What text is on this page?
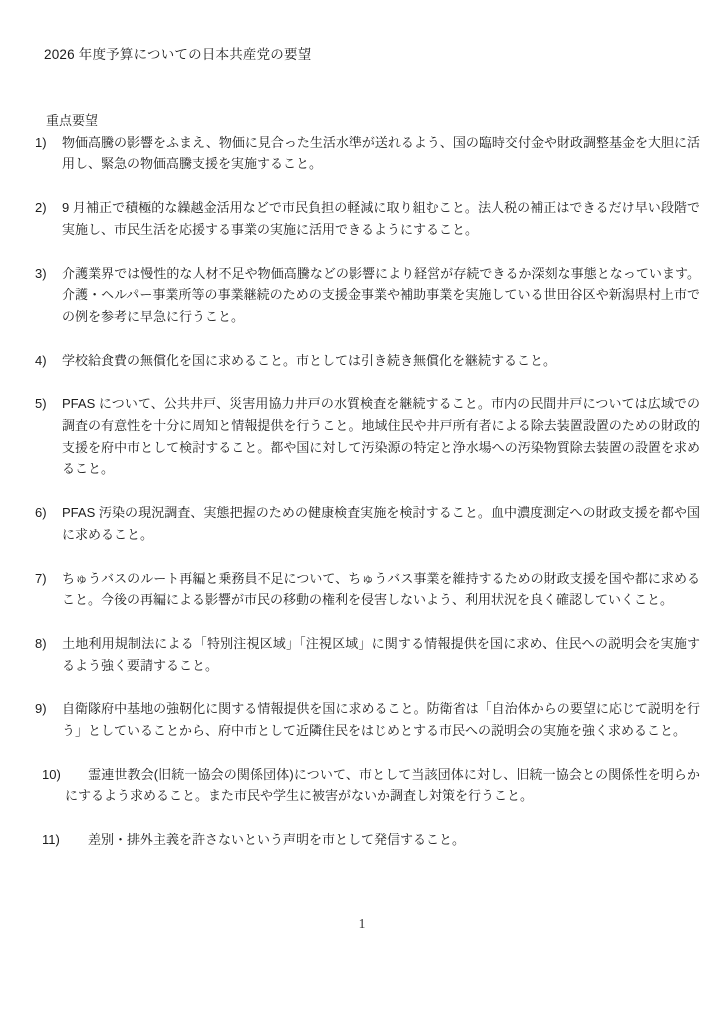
2026 年度予算についての日本共産党の要望
重点要望
1) 物価高騰の影響をふまえ、物価に見合った生活水準が送れるよう、国の臨時交付金や財政調整基金を大胆に活用し、緊急の物価高騰支援を実施すること。
2) 9 月補正で積極的な繰越金活用などで市民負担の軽減に取り組むこと。法人税の補正はできるだけ早い段階で実施し、市民生活を応援する事業の実施に活用できるようにすること。
3) 介護業界では慢性的な人材不足や物価高騰などの影響により経営が存続できるか深刻な事態となっています。介護・ヘルパー事業所等の事業継続のための支援金事業や補助事業を実施している世田谷区や新潟県村上市での例を参考に早急に行うこと。
4) 学校給食費の無償化を国に求めること。市としては引き続き無償化を継続すること。
5) PFAS について、公共井戸、災害用協力井戸の水質検査を継続すること。市内の民間井戸については広域での調査の有意性を十分に周知と情報提供を行うこと。地域住民や井戸所有者による除去装置設置のための財政的支援を府中市として検討すること。都や国に対して汚染源の特定と浄水場への汚染物質除去装置の設置を求めること。
6) PFAS 汚染の現況調査、実態把握のための健康検査実施を検討すること。血中濃度測定への財政支援を都や国に求めること。
7) ちゅうバスのルート再編と乗務員不足について、ちゅうバス事業を維持するための財政支援を国や都に求めること。今後の再編による影響が市民の移動の権利を侵害しないよう、利用状況を良く確認していくこと。
8) 土地利用規制法による「特別注視区域」「注視区域」に関する情報提供を国に求め、住民への説明会を実施するよう強く要請すること。
9) 自衛隊府中基地の強靭化に関する情報提供を国に求めること。防衛省は「自治体からの要望に応じて説明を行う」としていることから、府中市として近隣住民をはじめとする市民への説明会の実施を強く求めること。
10) 霊連世教会(旧統一協会の関係団体)について、市として当該団体に対し、旧統一協会との関係性を明らかにするよう求めること。また市民や学生に被害がないか調査し対策を行うこと。
11) 差別・排外主義を許さないという声明を市として発信すること。
1
